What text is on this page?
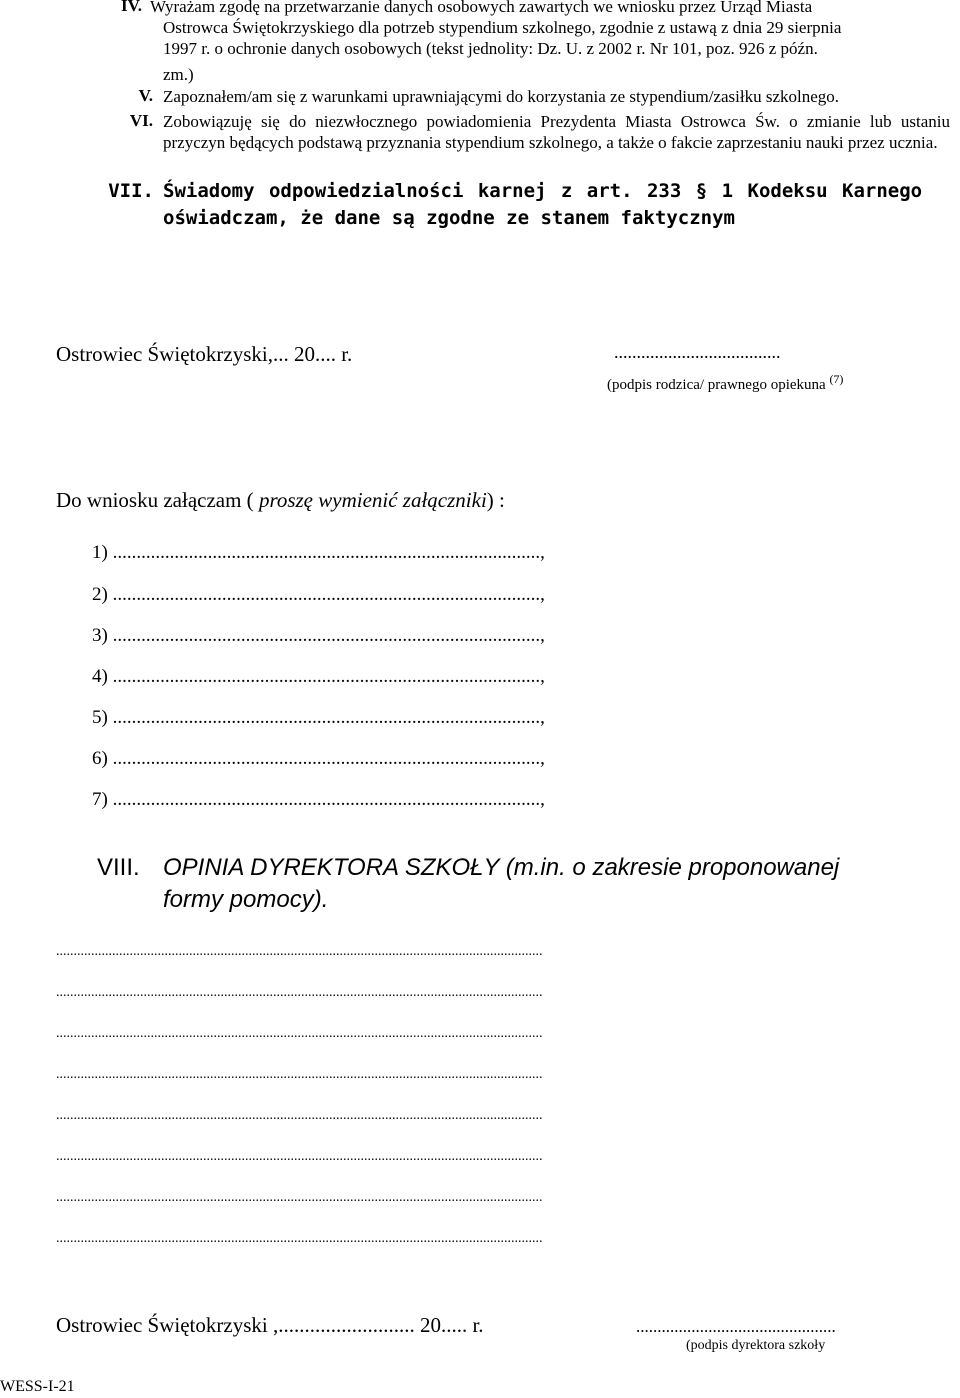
IV. Wyrażam zgodę na przetwarzanie danych osobowych zawartych we wniosku przez Urząd Miasta
Ostrowca Świętokrzyskiego dla potrzeb stypendium szkolnego, zgodnie z ustawą z dnia 29 sierpnia
1997 r. o ochronie danych osobowych (tekst jednolity: Dz. U. z 2002 r. Nr 101, poz. 926 z późn.
zm.)
V. Zapoznałem/am się z warunkami uprawniającymi do korzystania ze stypendium/zasiłku szkolnego.
VI. Zobowiązuję się do niezwłocznego powiadomienia Prezydenta Miasta Ostrowca Św. o zmianie lub ustaniu przyczyn będących podstawą przyznania stypendium szkolnego, a także o fakcie zaprzestaniu nauki przez ucznia.
VII. Świadomy odpowiedzialności karnej z art. 233 § 1 Kodeksu Karnego
oświadczam, że dane są zgodne ze stanem faktycznym
Ostrowiec Świętokrzyski,... 20.... r.	.....................................
(podpis rodzica/ prawnego opiekuna $^{(7)}$
Do wniosku załączam ( proszę wymienić załączniki) :
1) ..........................................................................................,
2) ..........................................................................................,
3) ..........................................................................................,
4) ..........................................................................................,
5) ..........................................................................................,
6) ..........................................................................................,
7) ..........................................................................................,
VIII. OPINIA DYREKTORA SZKOŁY (m.in. o zakresie proponowanej
formy pomocy).
...........................................................................................................................................
...........................................................................................................................................
...........................................................................................................................................
...........................................................................................................................................
...........................................................................................................................................
...........................................................................................................................................
...........................................................................................................................................
...........................................................................................................................................
Ostrowiec Świętokrzyski ,.......................... 20..... r.	...............................................
(podpis dyrektora szkoły
WESS-I-21
